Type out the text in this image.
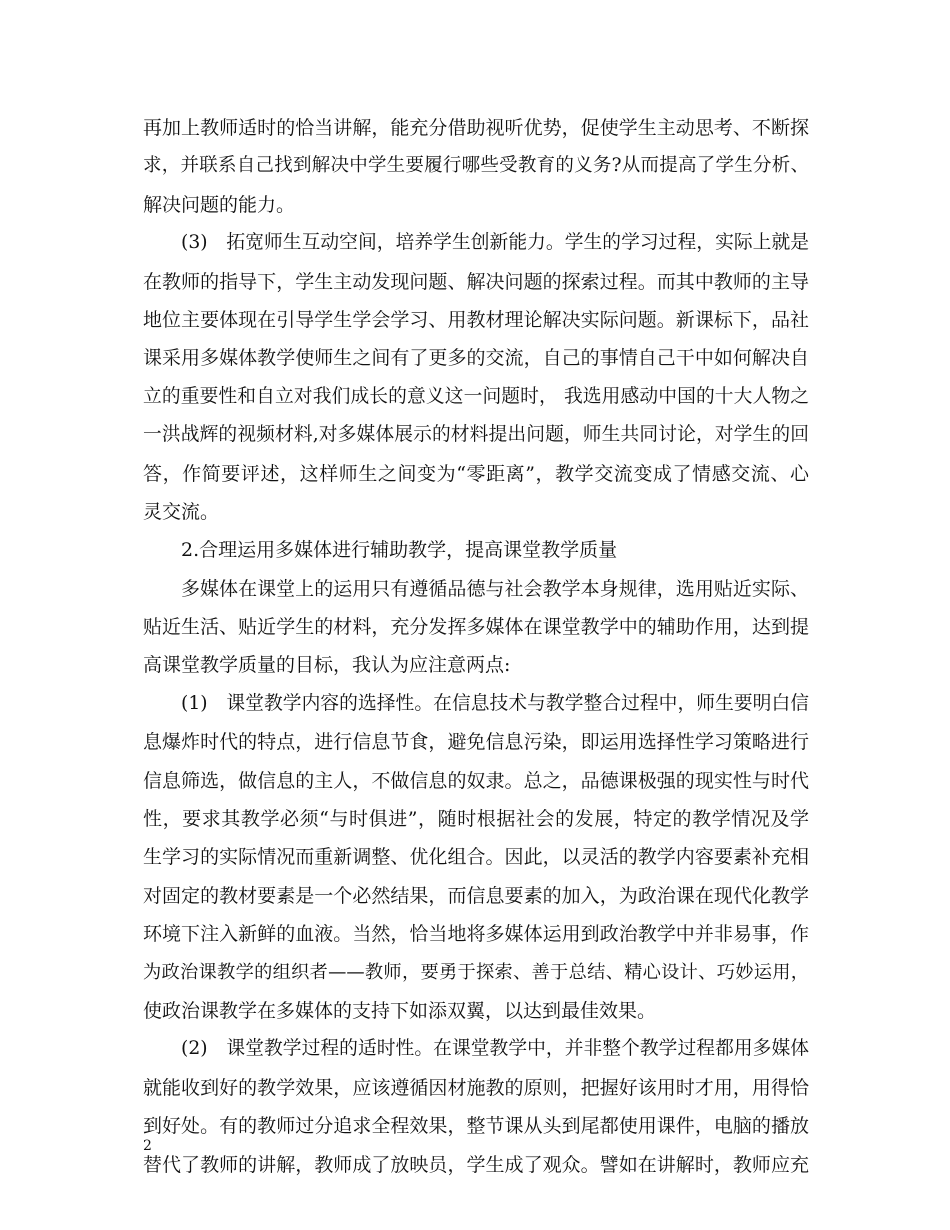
再加上教师适时的恰当讲解，能充分借助视听优势，促使学生主动思考、不断探
求，并联系自己找到解决中学生要履行哪些受教育的义务?从而提高了学生分析、
解决问题的能力。
(3)　拓宽师生互动空间，培养学生创新能力。学生的学习过程，实际上就是
在教师的指导下，学生主动发现问题、解决问题的探索过程。而其中教师的主导
地位主要体现在引导学生学会学习、用教材理论解决实际问题。新课标下，品社
课采用多媒体教学使师生之间有了更多的交流，自己的事情自己干中如何解决自
立的重要性和自立对我们成长的意义这一问题时， 我选用感动中国的十大人物之
一洪战辉的视频材料,对多媒体展示的材料提出问题，师生共同讨论，对学生的回
答，作简要评述，这样师生之间变为“零距离”，教学交流变成了情感交流、心
灵交流。
2.合理运用多媒体进行辅助教学，提高课堂教学质量
多媒体在课堂上的运用只有遵循品德与社会教学本身规律，选用贴近实际、
贴近生活、贴近学生的材料，充分发挥多媒体在课堂教学中的辅助作用，达到提
高课堂教学质量的目标，我认为应注意两点:
(1)　课堂教学内容的选择性。在信息技术与教学整合过程中，师生要明白信
息爆炸时代的特点，进行信息节食，避免信息污染，即运用选择性学习策略进行
信息筛选，做信息的主人，不做信息的奴隶。总之，品德课极强的现实性与时代
性，要求其教学必须“与时俱进”，随时根据社会的发展，特定的教学情况及学
生学习的实际情况而重新调整、优化组合。因此，以灵活的教学内容要素补充相
对固定的教材要素是一个必然结果，而信息要素的加入，为政治课在现代化教学
环境下注入新鲜的血液。当然，恰当地将多媒体运用到政治教学中并非易事，作
为政治课教学的组织者——教师，要勇于探索、善于总结、精心设计、巧妙运用，
使政治课教学在多媒体的支持下如添双翼，以达到最佳效果。
(2)　课堂教学过程的适时性。在课堂教学中，并非整个教学过程都用多媒体
就能收到好的教学效果，应该遵循因材施教的原则，把握好该用时才用，用得恰
到好处。有的教师过分追求全程效果，整节课从头到尾都使用课件，电脑的播放
替代了教师的讲解，教师成了放映员，学生成了观众。譬如在讲解时，教师应充
2
